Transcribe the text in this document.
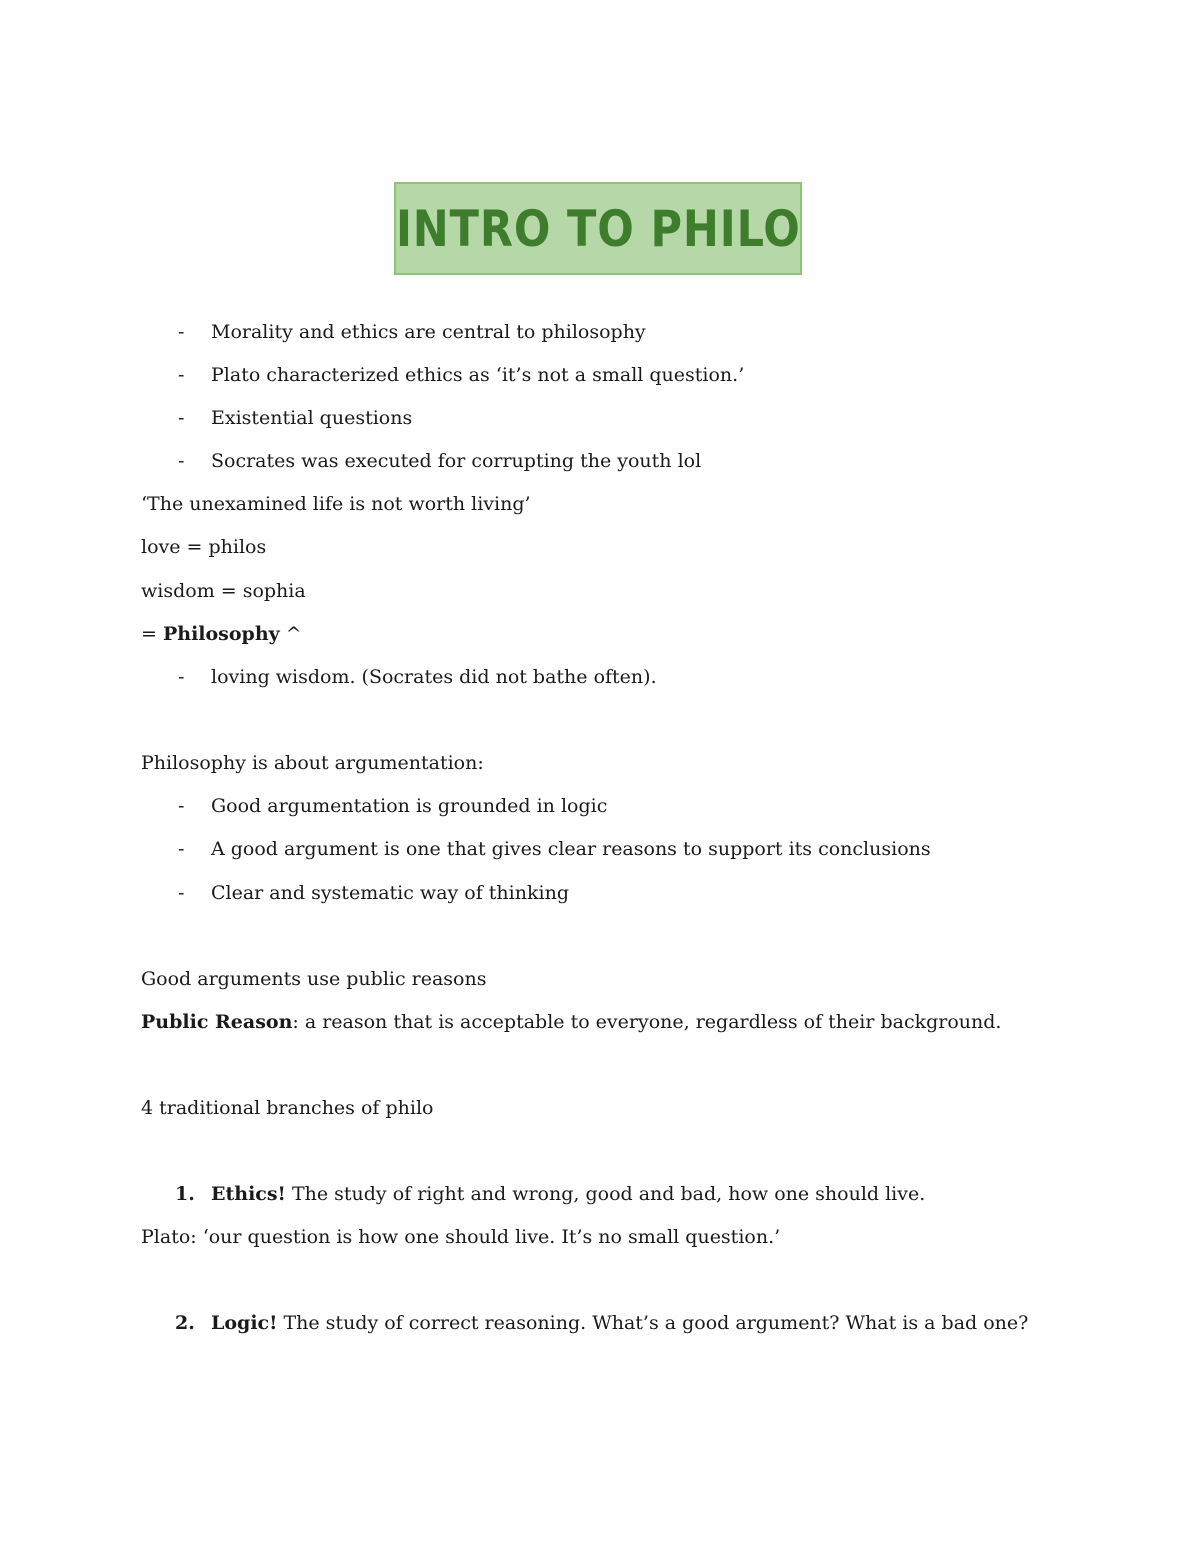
INTRO TO PHILO
- Morality and ethics are central to philosophy
- Plato characterized ethics as ‘it’s not a small question.’
- Existential questions
- Socrates was executed for corrupting the youth lol
‘The unexamined life is not worth living’
love = philos
wisdom = sophia
= Philosophy ^
- loving wisdom. (Socrates did not bathe often).
Philosophy is about argumentation:
- Good argumentation is grounded in logic
- A good argument is one that gives clear reasons to support its conclusions
- Clear and systematic way of thinking
Good arguments use public reasons
Public Reason: a reason that is acceptable to everyone, regardless of their background.
4 traditional branches of philo
1. Ethics! The study of right and wrong, good and bad, how one should live.
Plato: ‘our question is how one should live. It’s no small question.’
2. Logic! The study of correct reasoning. What’s a good argument? What is a bad one?
